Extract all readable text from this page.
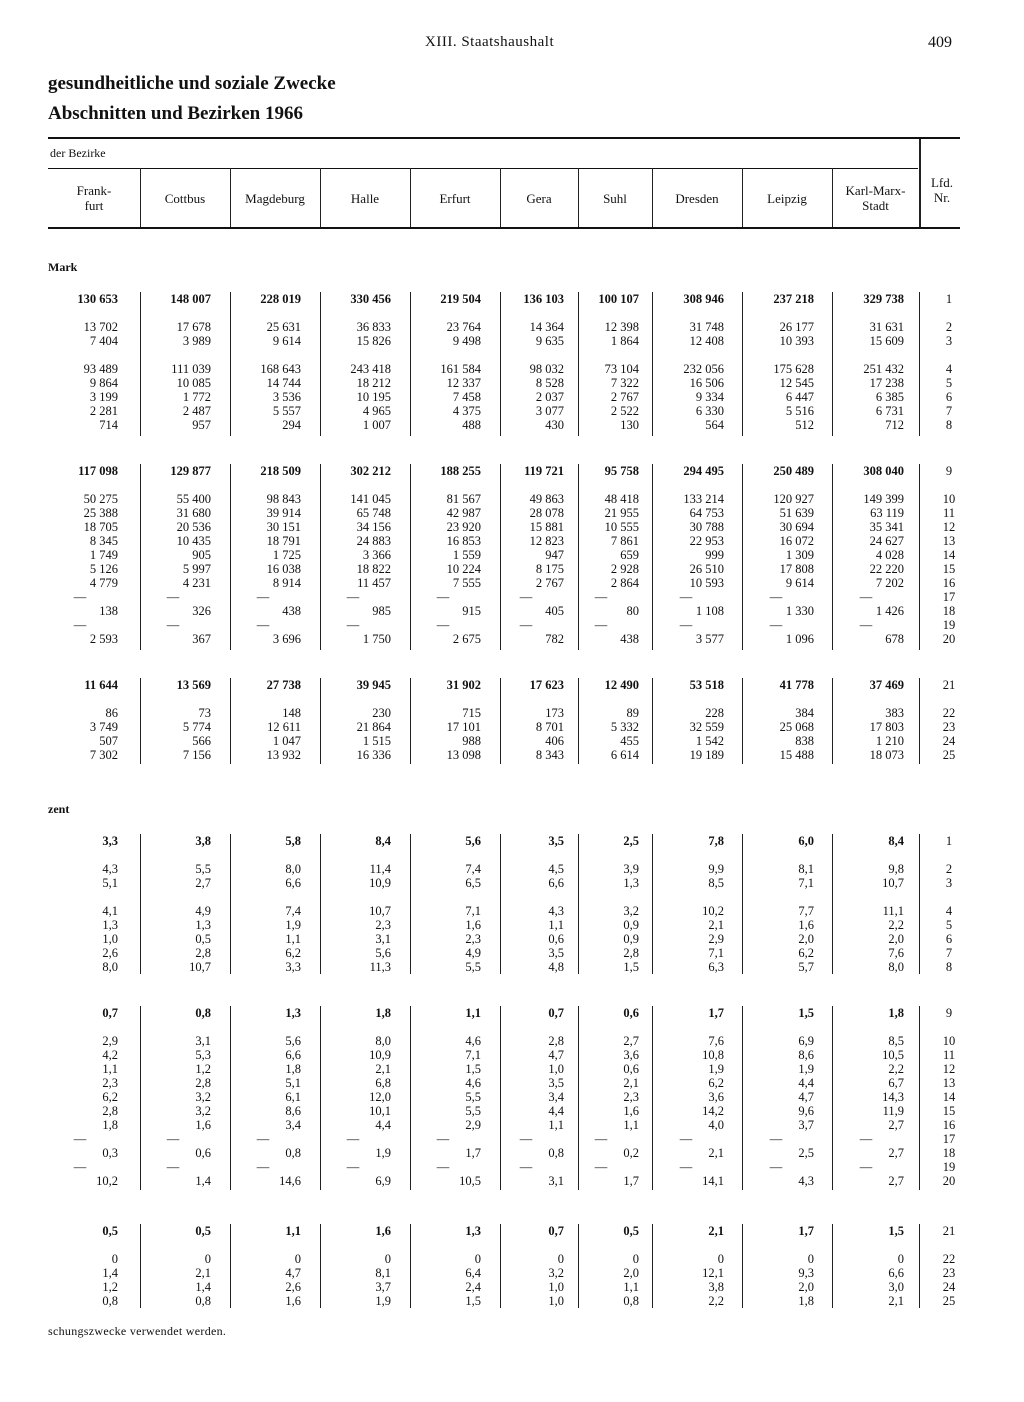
XIII. Staatshaushalt	409
gesundheitliche und soziale Zwecke
Abschnitten und Bezirken 1966
der Bezirke
Frank-
furt	Cottbus	Magdeburg	Halle	Erfurt	Gera	Suhl	Dresden	Leipzig	Karl-Marx-
Stadt
Lfd.
Nr.
Mark
zent
130 653	148 007	228 019	330 456	219 504	136 103	100 107	308 946	237 218	329 738	1
13 702	17 678	25 631	36 833	23 764	14 364	12 398	31 748	26 177	31 631	2
7 404	3 989	9 614	15 826	9 498	9 635	1 864	12 408	10 393	15 609	3
93 489	111 039	168 643	243 418	161 584	98 032	73 104	232 056	175 628	251 432	4
9 864	10 085	14 744	18 212	12 337	8 528	7 322	16 506	12 545	17 238	5
3 199	1 772	3 536	10 195	7 458	2 037	2 767	9 334	6 447	6 385	6
2 281	2 487	5 557	4 965	4 375	3 077	2 522	6 330	5 516	6 731	7
714	957	294	1 007	488	430	130	564	512	712	8
117 098	129 877	218 509	302 212	188 255	119 721	95 758	294 495	250 489	308 040	9
50 275	55 400	98 843	141 045	81 567	49 863	48 418	133 214	120 927	149 399	10
25 388	31 680	39 914	65 748	42 987	28 078	21 955	64 753	51 639	63 119	11
18 705	20 536	30 151	34 156	23 920	15 881	10 555	30 788	30 694	35 341	12
8 345	10 435	18 791	24 883	16 853	12 823	7 861	22 953	16 072	24 627	13
1 749	905	1 725	3 366	1 559	947	659	999	1 309	4 028	14
5 126	5 997	16 038	18 822	10 224	8 175	2 928	26 510	17 808	22 220	15
4 779	4 231	8 914	11 457	7 555	2 767	2 864	10 593	9 614	7 202	16
—	—	—	—	—	—	—	—	—	—	17
138	326	438	985	915	405	80	1 108	1 330	1 426	18
—	—	—	—	—	—	—	—	—	—	19
2 593	367	3 696	1 750	2 675	782	438	3 577	1 096	678	20
11 644	13 569	27 738	39 945	31 902	17 623	12 490	53 518	41 778	37 469	21
86	73	148	230	715	173	89	228	384	383	22
3 749	5 774	12 611	21 864	17 101	8 701	5 332	32 559	25 068	17 803	23
507	566	1 047	1 515	988	406	455	1 542	838	1 210	24
7 302	7 156	13 932	16 336	13 098	8 343	6 614	19 189	15 488	18 073	25
3,3	3,8	5,8	8,4	5,6	3,5	2,5	7,8	6,0	8,4	1
4,3	5,5	8,0	11,4	7,4	4,5	3,9	9,9	8,1	9,8	2
5,1	2,7	6,6	10,9	6,5	6,6	1,3	8,5	7,1	10,7	3
4,1	4,9	7,4	10,7	7,1	4,3	3,2	10,2	7,7	11,1	4
1,3	1,3	1,9	2,3	1,6	1,1	0,9	2,1	1,6	2,2	5
1,0	0,5	1,1	3,1	2,3	0,6	0,9	2,9	2,0	2,0	6
2,6	2,8	6,2	5,6	4,9	3,5	2,8	7,1	6,2	7,6	7
8,0	10,7	3,3	11,3	5,5	4,8	1,5	6,3	5,7	8,0	8
0,7	0,8	1,3	1,8	1,1	0,7	0,6	1,7	1,5	1,8	9
2,9	3,1	5,6	8,0	4,6	2,8	2,7	7,6	6,9	8,5	10
4,2	5,3	6,6	10,9	7,1	4,7	3,6	10,8	8,6	10,5	11
1,1	1,2	1,8	2,1	1,5	1,0	0,6	1,9	1,9	2,2	12
2,3	2,8	5,1	6,8	4,6	3,5	2,1	6,2	4,4	6,7	13
6,2	3,2	6,1	12,0	5,5	3,4	2,3	3,6	4,7	14,3	14
2,8	3,2	8,6	10,1	5,5	4,4	1,6	14,2	9,6	11,9	15
1,8	1,6	3,4	4,4	2,9	1,1	1,1	4,0	3,7	2,7	16
—	—	—	—	—	—	—	—	—	—	17
0,3	0,6	0,8	1,9	1,7	0,8	0,2	2,1	2,5	2,7	18
—	—	—	—	—	—	—	—	—	—	19
10,2	1,4	14,6	6,9	10,5	3,1	1,7	14,1	4,3	2,7	20
0,5	0,5	1,1	1,6	1,3	0,7	0,5	2,1	1,7	1,5	21
0	0	0	0	0	0	0	0	0	0	22
1,4	2,1	4,7	8,1	6,4	3,2	2,0	12,1	9,3	6,6	23
1,2	1,4	2,6	3,7	2,4	1,0	1,1	3,8	2,0	3,0	24
0,8	0,8	1,6	1,9	1,5	1,0	0,8	2,2	1,8	2,1	25
schungszwecke verwendet werden.
